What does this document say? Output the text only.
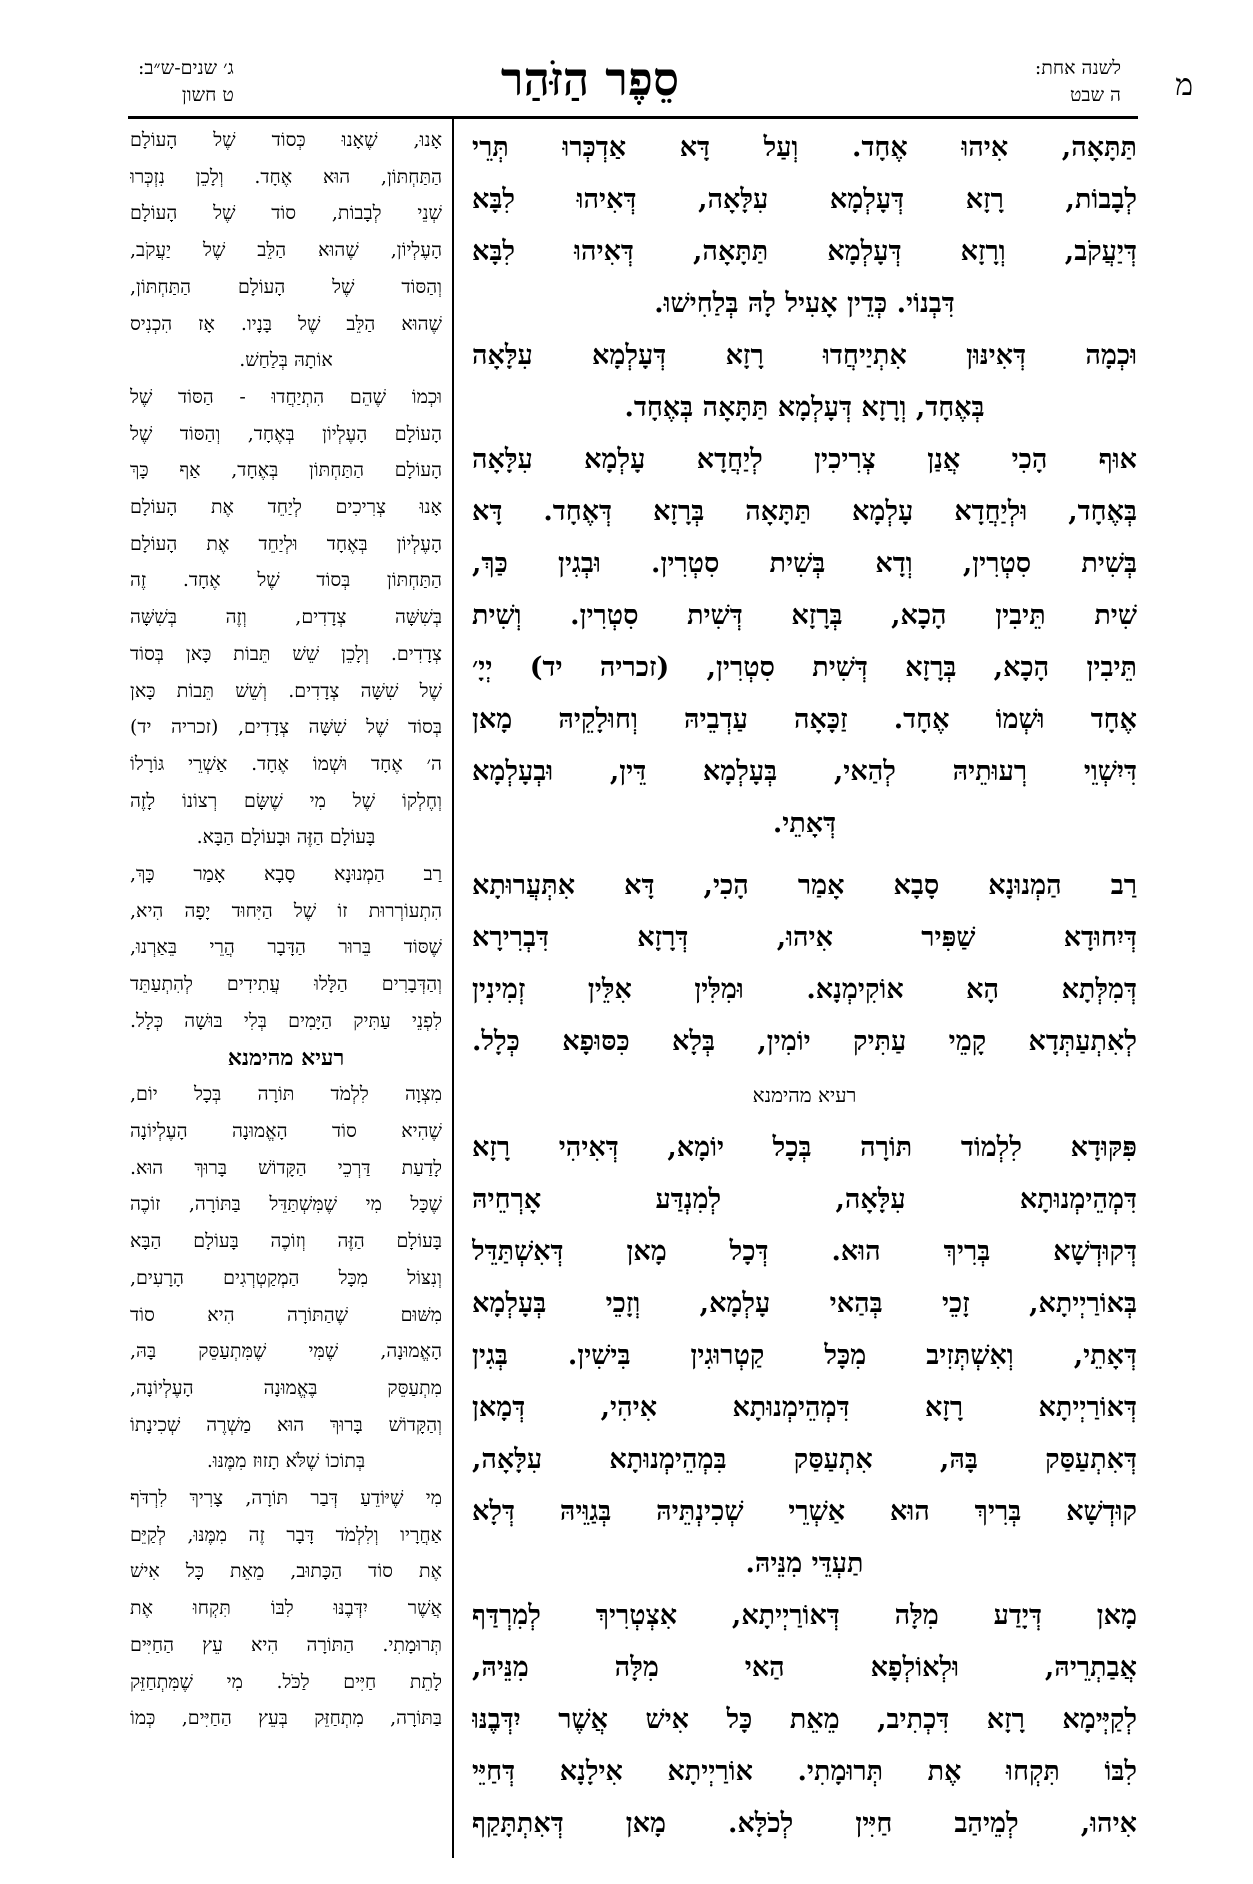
מ
לשנה אחת:
ה שבט
סֵפֶר הַזֹּהַר
ג׳ שנים-ש״ב:
ט חשון
תַּתָּאָה, אִיהוּ אֶחָד. וְעַל דָּא אַדְכְּרוּ תְּרֵי
לְבָבוֹת, רָזָא דְּעָלְמָא עִלָּאָה, דְּאִיהוּ לִבָּא
דְּיַעֲקֹב, וְרָזָא דְּעָלְמָא תַּתָּאָה, דְּאִיהוּ לִבָּא
דִּבְנוֹי. כְּדֵין אָעִיל לָהּ בְּלַחִישׁוּ.
וּכְמָה דְּאִינּוּן אִתְיַיחֲדוּ רָזָא דְּעָלְמָא עִלָּאָה
בְּאֶחָד, וְרָזָא דְּעָלְמָא תַּתָּאָה בְּאֶחָד.
אוּף הָכִי אֲנַן צְרִיכִין לְיַחֲדָא עָלְמָא עִלָּאָה
בְּאֶחָד, וּלְיַחֲדָא עָלְמָא תַּתָּאָה בְּרָזָא דְּאֶחָד. דָּא
בְּשִׁית סִטְרִין, וְדָא בְּשִׁית סִטְרִין. וּבְגִין כַּךְ,
שִׁית תֵּיבִין הָכָא, בְּרָזָא דְּשִׁית סִטְרִין. וְשִׁית
תֵּיבִין הָכָא, בְּרָזָא דְּשִׁית סִטְרִין, (זכריה יד) יְיָ׳
אֶחָד וּשְׁמוֹ אֶחָד. זַכָּאָה עַדְבֵיהּ וְחוּלָקֵיהּ מָאן
דִּיִשְׁוֵי רְעוּתֵיהּ לְהַאי, בְּעָלְמָא דֵּין, וּבְעָלְמָא
דְּאָתֵי.
רַב הַמְנוּנָא סָבָא אָמַר הָכִי, דָּא אִתְּעֲרוּתָא
דְּיִחוּדָא שַׁפִּיר אִיהוּ, דְּרָזָא דִּבְרִירָא
דְּמִלְּתָא הָא אוֹקִימְנָא. וּמִלִּין אִלֵּין זְמִינִין
לְאִתְעַתְּדָא קָמֵי עַתִּיק יוֹמִין, בְּלָא כִּסּוּפָא כְּלָל.
רעיא מהימנא
פִּקּוּדָא לִלְמוֹד תּוֹרָה בְּכָל יוֹמָא, דְּאִיהִי רָזָא
דִּמְהֵימְנוּתָא עִלָּאָה, לְמִנְדַּע אָרְחֵיהּ
דְּקוּדְשָׁא בְּרִיךְ הוּא. דְּכָל מָאן דְּאִשְׁתַּדֵּל
בְּאוֹרַיְיתָא, זָכֵי בְּהַאי עָלְמָא, וְזָכֵי בְּעָלְמָא
דְּאָתֵי, וְאִשְׁתְּזִיב מִכָּל קַטְרוּגִין בִּישִׁין. בְּגִין
דְּאוֹרַיְיתָא רָזָא דִּמְהֵימְנוּתָא אִיהִי, דְּמָאן
דְּאִתְעַסַּק בָּהּ, אִתְעַסַּק בִּמְהֵימְנוּתָא עִלָּאָה,
קוּדְשָׁא בְּרִיךְ הוּא אַשְׁרֵי שְׁכִינְתֵּיהּ בְּגַוֵּיהּ דְּלָא
תַעְדֵּי מִנֵּיהּ.
מָאן דְּיָדַע מִלָּה דְּאוֹרַיְיתָא, אִצְטְרִיךְ לְמִרְדַּף
אֲבַתְרֵיהּ, וּלְאוֹלְפָא הַאי מִלָּה מִנֵּיהּ,
לְקַיְּימָא רָזָא דִּכְתִיב, מֵאֵת כָּל אִישׁ אֲשֶׁר יִדְּבֶנּוּ
לִבּוֹ תִּקְחוּ אֶת תְּרוּמָתִי. אוֹרַיְיתָא אִילָנָא דְּחַיֵּי
אִיהוּ, לְמֵיהַב חַיִּין לְכֹלָּא. מָאן דְּאִתְתָּקַף
אָנוּ, שֶׁאָנוּ כְּסוֹד שֶׁל הָעוֹלָם
הַתַּחְתּוֹן, הוּא אֶחָד. וְלָכֵן נִזְכְּרוּ
שְׁנֵי לְבָבוֹת, סוֹד שֶׁל הָעוֹלָם
הָעֶלְיוֹן, שֶׁהוּא הַלֵּב שֶׁל יַעֲקֹב,
וְהַסּוֹד שֶׁל הָעוֹלָם הַתַּחְתּוֹן,
שֶׁהוּא הַלֵּב שֶׁל בָּנָיו. אָז הִכְנִיס
אוֹתָהּ בְּלַחַשׁ.
וּכְמוֹ שֶׁהֵם הִתְיַחֲדוּ - הַסּוֹד שֶׁל
הָעוֹלָם הָעֶלְיוֹן בְּאֶחָד, וְהַסּוֹד שֶׁל
הָעוֹלָם הַתַּחְתּוֹן בְּאֶחָד, אַף כָּךְ
אָנוּ צְרִיכִים לְיַחֵד אֶת הָעוֹלָם
הָעֶלְיוֹן בְּאֶחָד וּלְיַחֵד אֶת הָעוֹלָם
הַתַּחְתּוֹן בְּסוֹד שֶׁל אֶחָד. זֶה
בְּשִׁשָּׁה צְדָדִים, וְזֶה בְּשִׁשָּׁה
צְדָדִים. וְלָכֵן שֵׁשׁ תֵּבוֹת כָּאן בְּסוֹד
שֶׁל שִׁשָּׁה צְדָדִים. וְשֵׁשׁ תֵּבוֹת כָּאן
בְּסוֹד שֶׁל שִׁשָּׁה צְדָדִים, (זכריה יד)
ה׳ אֶחָד וּשְׁמוֹ אֶחָד. אַשְׁרֵי גּוֹרָלוֹ
וְחֶלְקוֹ שֶׁל מִי שֶׁשָּׂם רְצוֹנוֹ לָזֶה
בָּעוֹלָם הַזֶּה וּבָעוֹלָם הַבָּא.
רַב הַמְנוּנָא סָבָא אָמַר כָּךְ,
הִתְעוֹרְרוּת זוֹ שֶׁל הַיִּחוּד יָפָה הִיא,
שֶׁסּוֹד בֵּרוּר הַדָּבָר הֲרֵי בֵּאַרְנוּ,
וְהַדְּבָרִים הַלָּלוּ עֲתִידִים לְהִתְעַתֵּד
לִפְנֵי עַתִּיק הַיָּמִים בְּלִי בּוּשָׁה כְּלָל.
רעיא מהימנא
מִצְוָה לִלְמֹד תּוֹרָה בְּכָל יוֹם,
שֶׁהִיא סוֹד הָאֱמוּנָה הָעֶלְיוֹנָה
לָדַעַת דַּרְכֵי הַקָּדוֹשׁ בָּרוּךְ הוּא.
שֶׁכָּל מִי שֶׁמִּשְׁתַּדֵּל בַּתּוֹרָה, זוֹכֶה
בָּעוֹלָם הַזֶּה וְזוֹכֶה בָּעוֹלָם הַבָּא
וְנִצּוֹל מִכָּל הַמְקַטְרְגִים הָרָעִים,
מִשּׁוּם שֶׁהַתּוֹרָה הִיא סוֹד
הָאֱמוּנָה, שֶׁמִּי שֶׁמִּתְעַסֵּק בָּהּ,
מִתְעַסֵּק בֶּאֱמוּנָה הָעֶלְיוֹנָה,
וְהַקָּדוֹשׁ בָּרוּךְ הוּא מַשְׁרֶה שְׁכִינָתוֹ
בְּתוֹכוֹ שֶׁלֹּא תָזוּז מִמֶּנּוּ.
מִי שֶׁיּוֹדֵעַ דְּבַר תּוֹרָה, צָרִיךְ לִרְדֹּף
אַחֲרָיו וְלִלְמֹד דָּבָר זֶה מִמֶּנּוּ, לְקַיֵּם
אֶת סוֹד הַכָּתוּב, מֵאֵת כָּל אִישׁ
אֲשֶׁר יִדְּבֶנּוּ לִבּוֹ תִּקְחוּ אֶת
תְּרוּמָתִי. הַתּוֹרָה הִיא עֵץ הַחַיִּים
לָתֵת חַיִּים לַכֹּל. מִי שֶׁמִּתְחַזֵּק
בַּתּוֹרָה, מִתְחַזֵּק בְּעֵץ הַחַיִּים, כְּמוֹ
